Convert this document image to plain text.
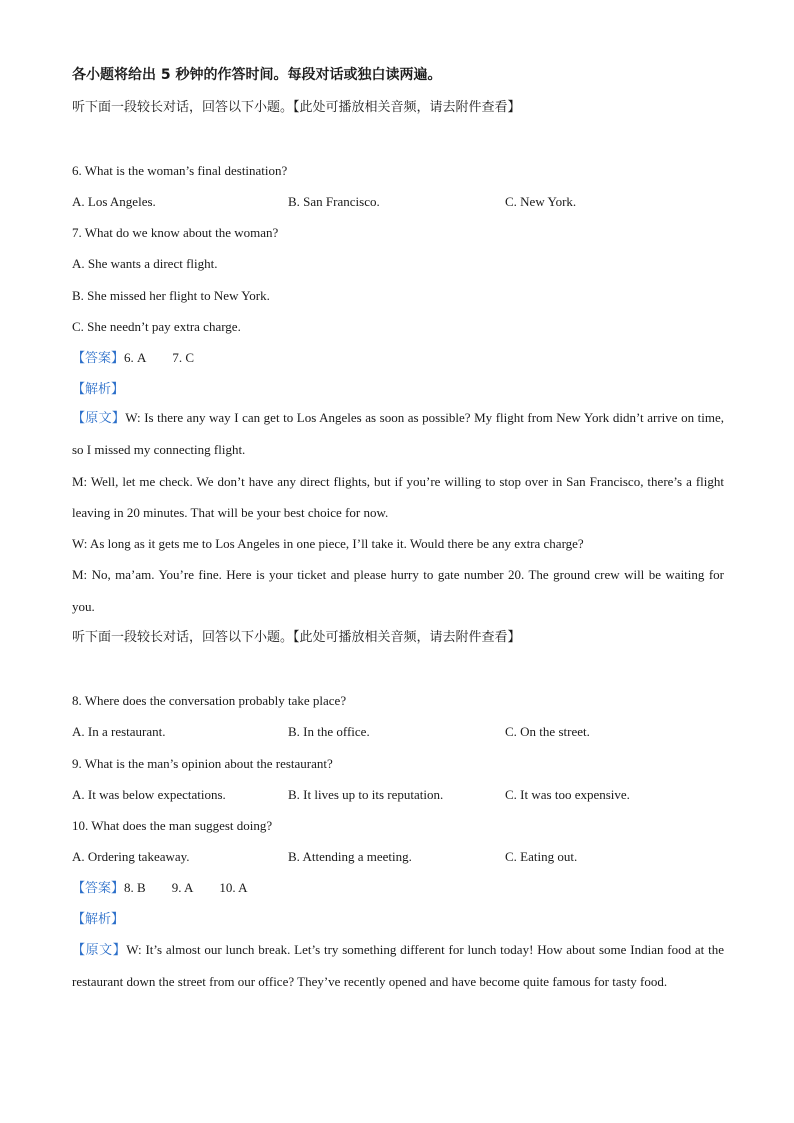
各小题将给出 5 秒钟的作答时间。每段对话或独白读两遍。
听下面一段较长对话，回答以下小题。【此处可播放相关音频，请去附件查看】
6. What is the woman’s final destination?
A. Los Angeles.	B. San Francisco.	C. New York.
7. What do we know about the woman?
A. She wants a direct flight.
B. She missed her flight to New York.
C. She needn’t pay extra charge.
【答案】6. A 7. C
【解析】
【原文】W: Is there any way I can get to Los Angeles as soon as possible? My flight from New York didn’t arrive on time, so I missed my connecting flight.
M: Well, let me check. We don’t have any direct flights, but if you’re willing to stop over in San Francisco, there’s a flight leaving in 20 minutes. That will be your best choice for now.
W: As long as it gets me to Los Angeles in one piece, I’ll take it. Would there be any extra charge?
M: No, ma’am. You’re fine. Here is your ticket and please hurry to gate number 20. The ground crew will be waiting for you.
听下面一段较长对话，回答以下小题。【此处可播放相关音频，请去附件查看】
8. Where does the conversation probably take place?
A. In a restaurant.	B. In the office.	C. On the street.
9. What is the man’s opinion about the restaurant?
A. It was below expectations.	B. It lives up to its reputation.	C. It was too expensive.
10. What does the man suggest doing?
A. Ordering takeaway.	B. Attending a meeting.	C. Eating out.
【答案】8. B 9. A 10. A
【解析】
【原文】W: It’s almost our lunch break. Let’s try something different for lunch today! How about some Indian food at the restaurant down the street from our office? They’ve recently opened and have become quite famous for tasty food.
